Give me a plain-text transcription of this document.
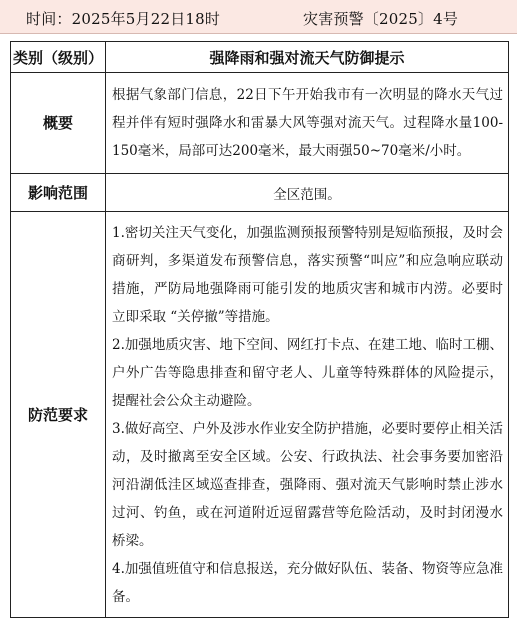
时间：2025年5月22日18时	灾害预警〔2025〕4号
类别（级别）	强降雨和强对流天气防御提示
概要	根据气象部门信息，22日下午开始我市有一次明显的降水天气过程并伴有短时强降水和雷暴大风等强对流天气。过程降水量100-150毫米，局部可达200毫米，最大雨强50~70毫米/小时。
影响范围	全区范围。
防范要求	1.密切关注天气变化，加强监测预报预警特别是短临预报，及时会商研判，多渠道发布预警信息，落实预警“叫应”和应急响应联动措施，严防局地强降雨可能引发的地质灾害和城市内涝。必要时立即采取 “关停撤”等措施。

2.加强地质灾害、地下空间、网红打卡点、在建工地、临时工棚、户外广告等隐患排查和留守老人、儿童等特殊群体的风险提示，提醒社会公众主动避险。

3.做好高空、户外及涉水作业安全防护措施，必要时要停止相关活动，及时撤离至安全区域。公安、行政执法、社会事务要加密沿河沿湖低洼区域巡查排查，强降雨、强对流天气影响时禁止涉水过河、钓鱼，或在河道附近逗留露营等危险活动，及时封闭漫水桥梁。

4.加强值班值守和信息报送，充分做好队伍、装备、物资等应急准备。
